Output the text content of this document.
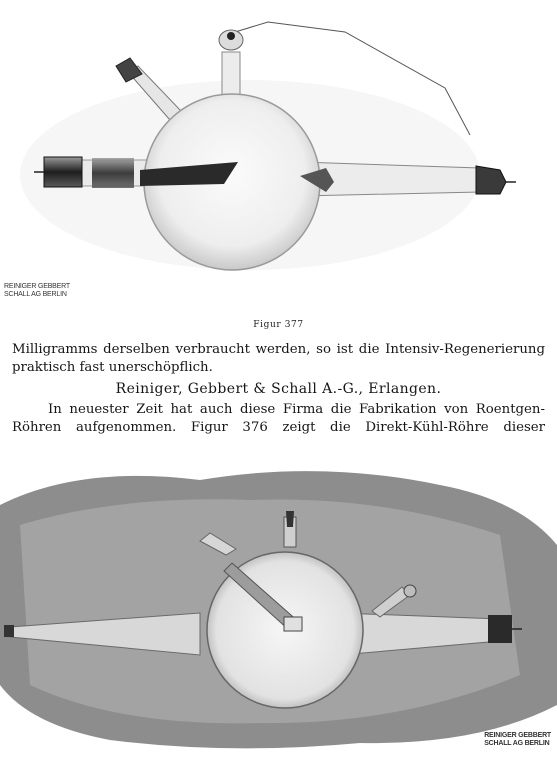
REINIGER GEBBERT
SCHALL AG BERLIN
Figur 377
Milligramms derselben verbraucht werden, so ist die Intensiv-Regenerierung
praktisch fast unerschöpflich.
Reiniger, Gebbert & Schall A.-G., Erlangen.
In neuester Zeit hat auch diese Firma die Fabrikation von Roentgen-
Röhren aufgenommen. Figur 376 zeigt die Direkt-Kühl-Röhre dieser
REINIGER GEBBERT
SCHALL AG BERLIN
